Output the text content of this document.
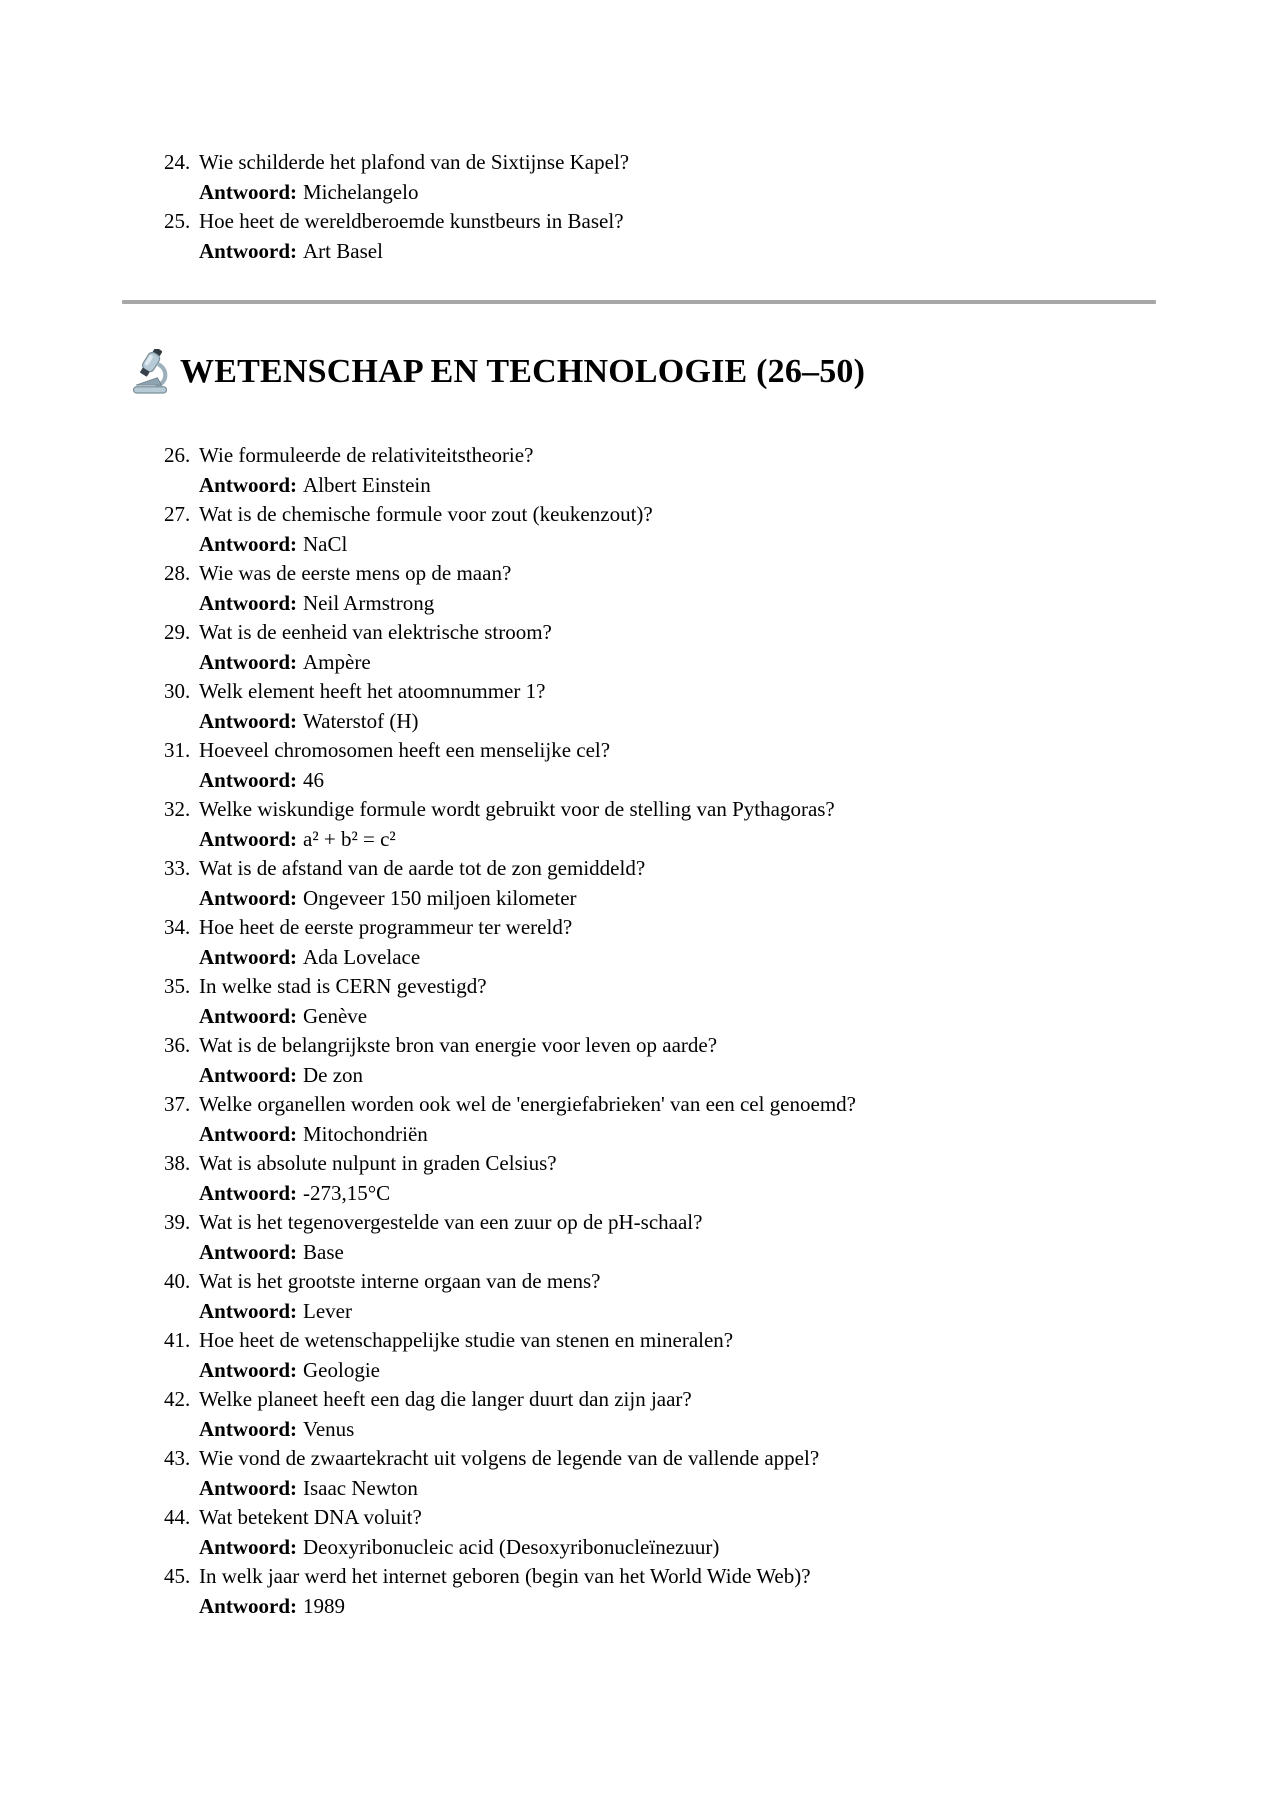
24. Wie schilderde het plafond van de Sixtijnse Kapel?
Antwoord: Michelangelo
25. Hoe heet de wereldberoemde kunstbeurs in Basel?
Antwoord: Art Basel
WETENSCHAP EN TECHNOLOGIE (26–50)
26. Wie formuleerde de relativiteitstheorie?
Antwoord: Albert Einstein
27. Wat is de chemische formule voor zout (keukenzout)?
Antwoord: NaCl
28. Wie was de eerste mens op de maan?
Antwoord: Neil Armstrong
29. Wat is de eenheid van elektrische stroom?
Antwoord: Ampère
30. Welk element heeft het atoomnummer 1?
Antwoord: Waterstof (H)
31. Hoeveel chromosomen heeft een menselijke cel?
Antwoord: 46
32. Welke wiskundige formule wordt gebruikt voor de stelling van Pythagoras?
Antwoord: a² + b² = c²
33. Wat is de afstand van de aarde tot de zon gemiddeld?
Antwoord: Ongeveer 150 miljoen kilometer
34. Hoe heet de eerste programmeur ter wereld?
Antwoord: Ada Lovelace
35. In welke stad is CERN gevestigd?
Antwoord: Genève
36. Wat is de belangrijkste bron van energie voor leven op aarde?
Antwoord: De zon
37. Welke organellen worden ook wel de 'energiefabrieken' van een cel genoemd?
Antwoord: Mitochondriën
38. Wat is absolute nulpunt in graden Celsius?
Antwoord: -273,15°C
39. Wat is het tegenovergestelde van een zuur op de pH-schaal?
Antwoord: Base
40. Wat is het grootste interne orgaan van de mens?
Antwoord: Lever
41. Hoe heet de wetenschappelijke studie van stenen en mineralen?
Antwoord: Geologie
42. Welke planeet heeft een dag die langer duurt dan zijn jaar?
Antwoord: Venus
43. Wie vond de zwaartekracht uit volgens de legende van de vallende appel?
Antwoord: Isaac Newton
44. Wat betekent DNA voluit?
Antwoord: Deoxyribonucleic acid (Desoxyribonucleïnezuur)
45. In welk jaar werd het internet geboren (begin van het World Wide Web)?
Antwoord: 1989
